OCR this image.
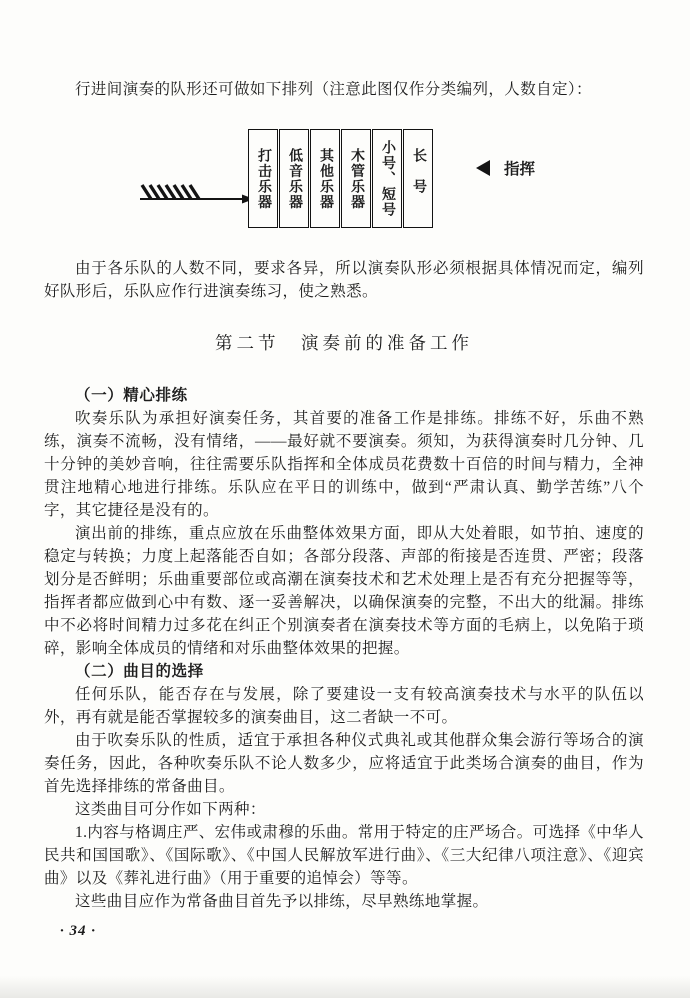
行进间演奏的队形还可做如下排列（注意此图仅作分类编列，人数自定）：

打击乐器 低音乐器 其他乐器 木管乐器 小号、短号 长号	指挥

由于各乐队的人数不同，要求各异，所以演奏队形必须根据具体情况而定，编列好队形后，乐队应作行进演奏练习，使之熟悉。

第二节　演奏前的准备工作
（一）精心排练

吹奏乐队为承担好演奏任务，其首要的准备工作是排练。排练不好，乐曲不熟练，演奏不流畅，没有情绪，——最好就不要演奏。须知，为获得演奏时几分钟、几十分钟的美妙音响，往往需要乐队指挥和全体成员花费数十百倍的时间与精力，全神贯注地精心地进行排练。乐队应在平日的训练中，做到“严肃认真、勤学苦练”八个字，其它捷径是没有的。

演出前的排练，重点应放在乐曲整体效果方面，即从大处着眼，如节拍、速度的稳定与转换；力度上起落能否自如；各部分段落、声部的衔接是否连贯、严密；段落划分是否鲜明；乐曲重要部位或高潮在演奏技术和艺术处理上是否有充分把握等等，指挥者都应做到心中有数、逐一妥善解决，以确保演奏的完整，不出大的纰漏。排练中不必将时间精力过多花在纠正个别演奏者在演奏技术等方面的毛病上，以免陷于琐碎，影响全体成员的情绪和对乐曲整体效果的把握。

（二）曲目的选择

任何乐队，能否存在与发展，除了要建设一支有较高演奏技术与水平的队伍以外，再有就是能否掌握较多的演奏曲目，这二者缺一不可。

由于吹奏乐队的性质，适宜于承担各种仪式典礼或其他群众集会游行等场合的演奏任务，因此，各种吹奏乐队不论人数多少，应将适宜于此类场合演奏的曲目，作为首先选择排练的常备曲目。

这类曲目可分作如下两种：

1.内容与格调庄严、宏伟或肃穆的乐曲。常用于特定的庄严场合。可选择《中华人民共和国国歌》、《国际歌》、《中国人民解放军进行曲》、《三大纪律八项注意》、《迎宾曲》以及《葬礼进行曲》（用于重要的追悼会）等等。

这些曲目应作为常备曲目首先予以排练，尽早熟练地掌握。

· 34 ·
